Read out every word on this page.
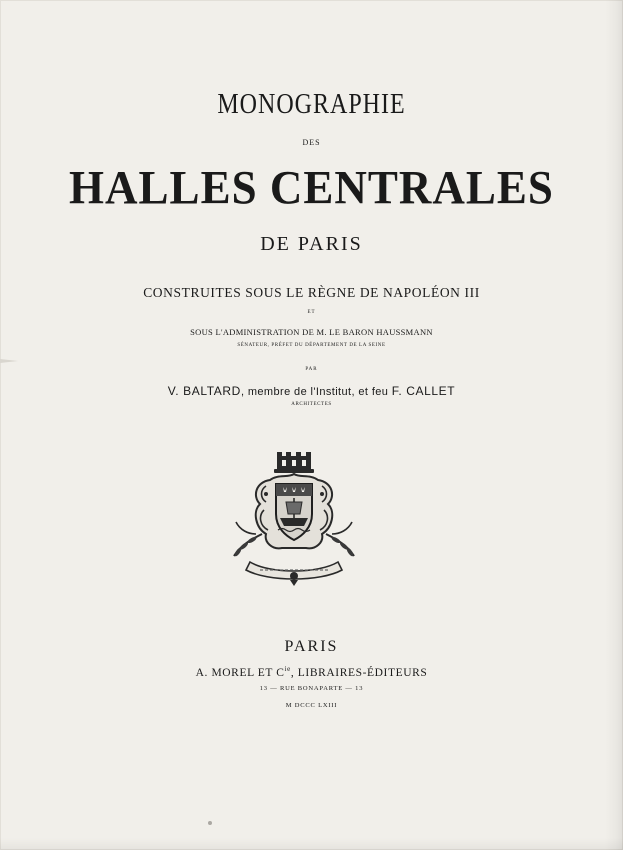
MONOGRAPHIE

DES

HALLES CENTRALES

DE PARIS

CONSTRUITES SOUS LE RÈGNE DE NAPOLÉON III

ET

SOUS L'ADMINISTRATION DE M. LE BARON HAUSSMANN

SÉNATEUR, PRÉFET DU DÉPARTEMENT DE LA SEINE

PAR

V. BALTARD, membre de l'Institut, et feu F. CALLET

ARCHITECTES

PARIS

A. MOREL ET $C^{ie}$, LIBRAIRES-ÉDITEURS

13 — RUE BONAPARTE — 13

M DCCC LXIII
